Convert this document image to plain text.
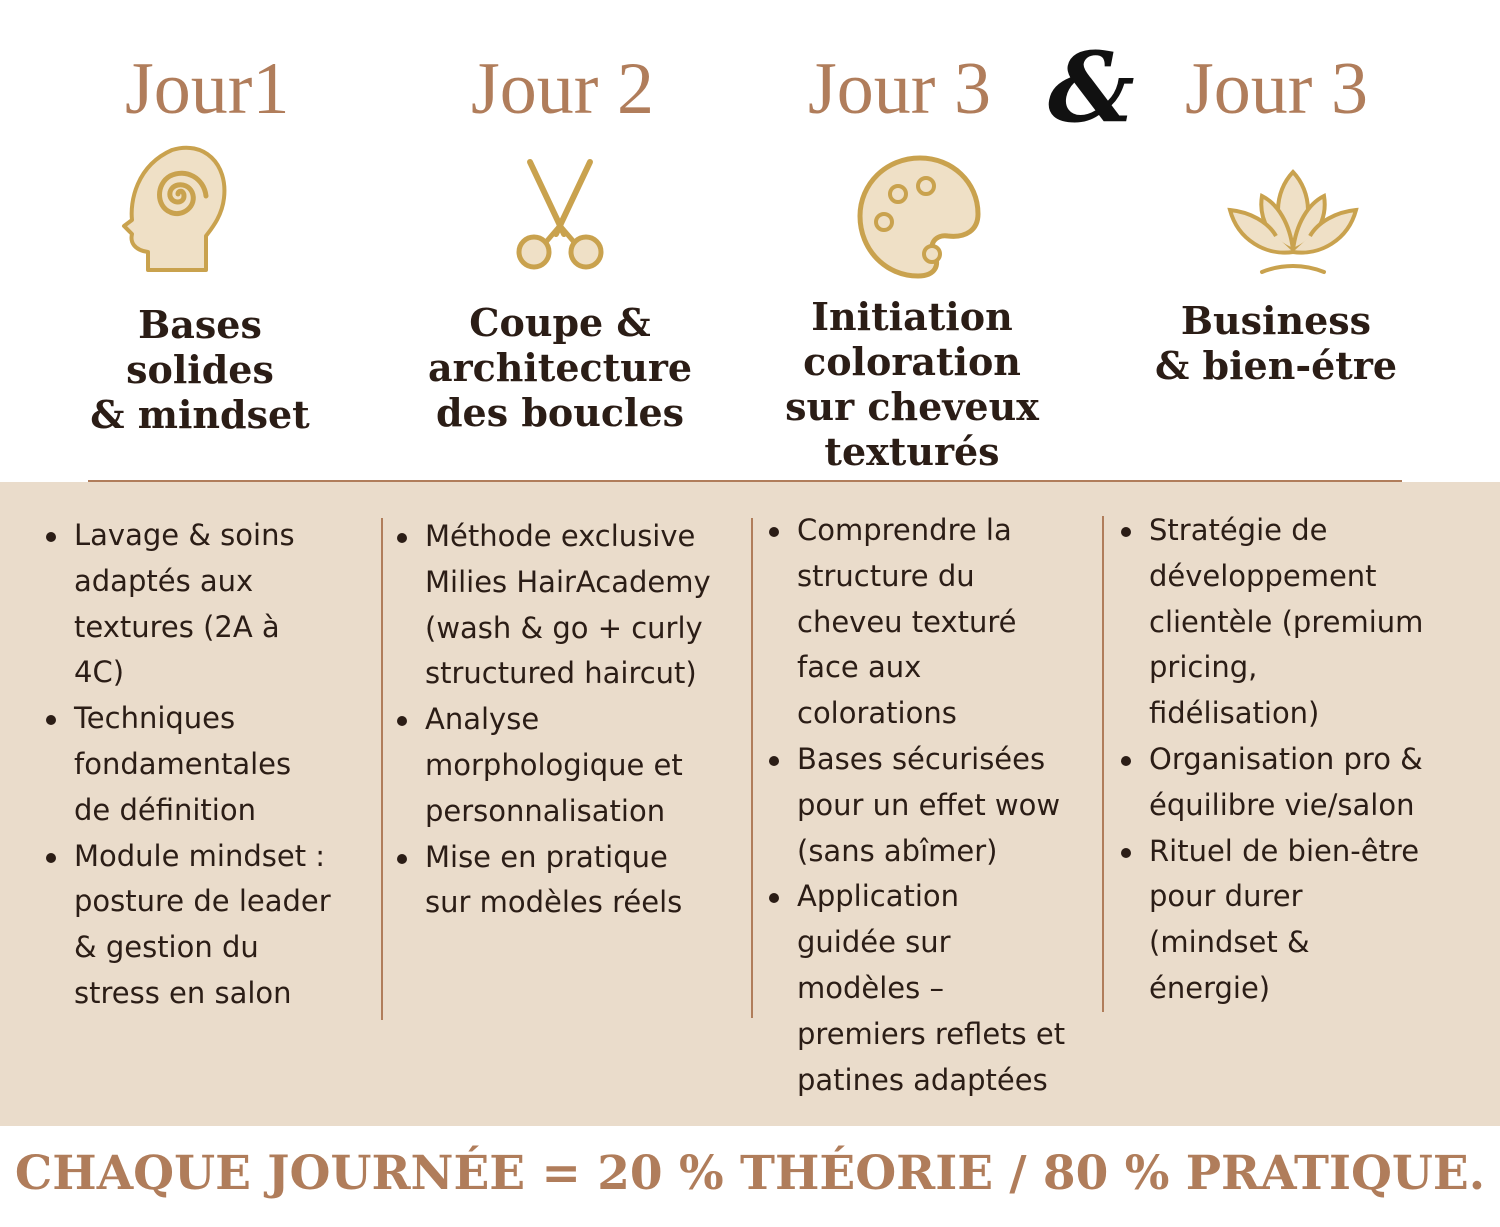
Jour1 Jour 2 Jour 3 & Jour 3
Bases
solides
& mindset
Coupe &
architecture
des boucles
Initiation
coloration
sur cheveux
texturés
Business
& bien-étre
Lavage & soins
adaptés aux
textures (2A à
4C)
Techniques
fondamentales
de définition
Module mindset :
posture de leader
& gestion du
stress en salon
Méthode exclusive
Milies HairAcademy
(wash & go + curly
structured haircut)
Analyse
morphologique et
personnalisation
Mise en pratique
sur modèles réels
Comprendre la
structure du
cheveu texturé
face aux
colorations
Bases sécurisées
pour un effet wow
(sans abîmer)
Application
guidée sur
modèles –
premiers reflets et
patines adaptées
Stratégie de
développement
clientèle (premium
pricing,
fidélisation)
Organisation pro &
équilibre vie/salon
Rituel de bien-être
pour durer
(mindset &
énergie)
CHAQUE JOURNÉE = 20 % THÉORIE / 80 % PRATIQUE.
